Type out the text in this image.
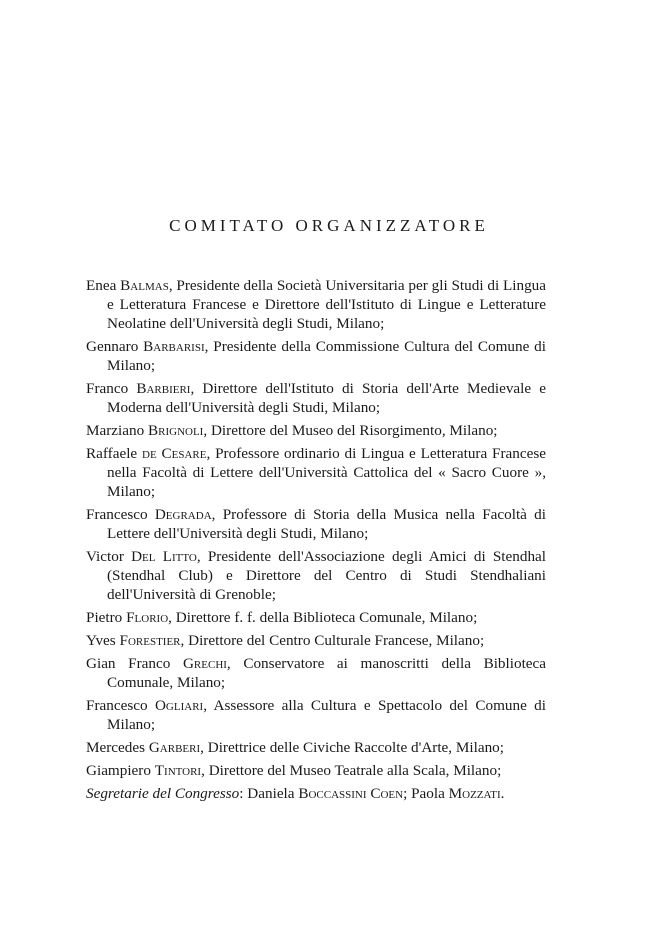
COMITATO ORGANIZZATORE
Enea Balmas, Presidente della Società Universitaria per gli Studi di Lingua e Letteratura Francese e Direttore dell'Istituto di Lingue e Letterature Neolatine dell'Università degli Studi, Milano;
Gennaro Barbarisi, Presidente della Commissione Cultura del Comune di Milano;
Franco Barbieri, Direttore dell'Istituto di Storia dell'Arte Medievale e Moderna dell'Università degli Studi, Milano;
Marziano Brignoli, Direttore del Museo del Risorgimento, Milano;
Raffaele de Cesare, Professore ordinario di Lingua e Letteratura Francese nella Facoltà di Lettere dell'Università Cattolica del « Sacro Cuore », Milano;
Francesco Degrada, Professore di Storia della Musica nella Facoltà di Lettere dell'Università degli Studi, Milano;
Victor Del Litto, Presidente dell'Associazione degli Amici di Stendhal (Stendhal Club) e Direttore del Centro di Studi Stendhaliani dell'Università di Grenoble;
Pietro Florio, Direttore f. f. della Biblioteca Comunale, Milano;
Yves Forestier, Direttore del Centro Culturale Francese, Milano;
Gian Franco Grechi, Conservatore ai manoscritti della Biblioteca Comunale, Milano;
Francesco Ogliari, Assessore alla Cultura e Spettacolo del Comune di Milano;
Mercedes Garberi, Direttrice delle Civiche Raccolte d'Arte, Milano;
Giampiero Tintori, Direttore del Museo Teatrale alla Scala, Milano;
Segretarie del Congresso: Daniela Boccassini Coen; Paola Mozzati.
